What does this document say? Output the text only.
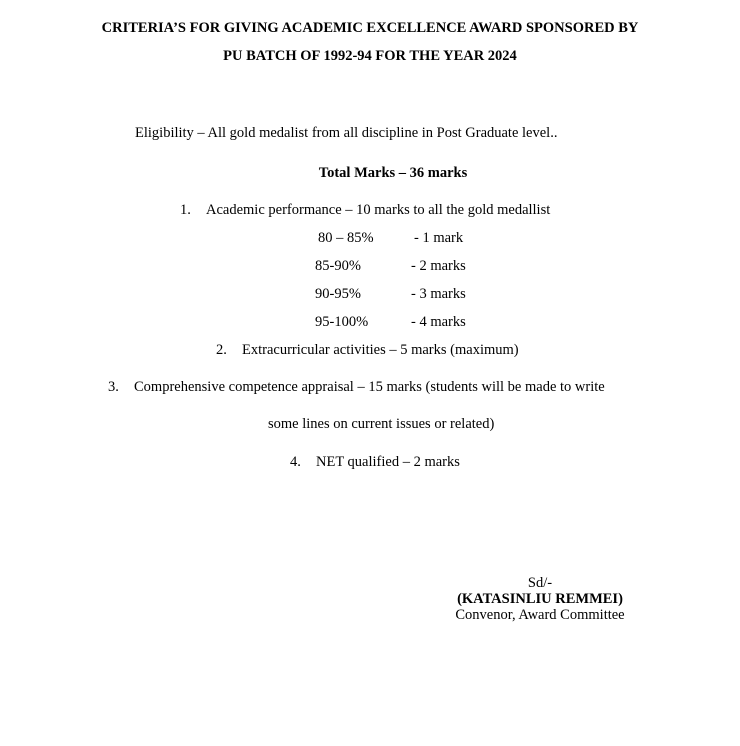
CRITERIA’S FOR GIVING ACADEMIC EXCELLENCE AWARD SPONSORED BY
PU BATCH OF 1992-94 FOR THE YEAR 2024
Eligibility – All gold medalist from all discipline in Post Graduate level..
Total Marks – 36 marks
1. Academic performance – 10 marks to all the gold medallist
80 – 85%	- 1 mark
85-90%	- 2 marks
90-95%	- 3 marks
95-100%	- 4 marks
2. Extracurricular activities – 5 marks (maximum)
3. Comprehensive competence appraisal – 15 marks (students will be made to write
some lines on current issues or related)
4. NET qualified – 2 marks
Sd/-
(KATASINLIU REMMEI)
Convenor, Award Committee
